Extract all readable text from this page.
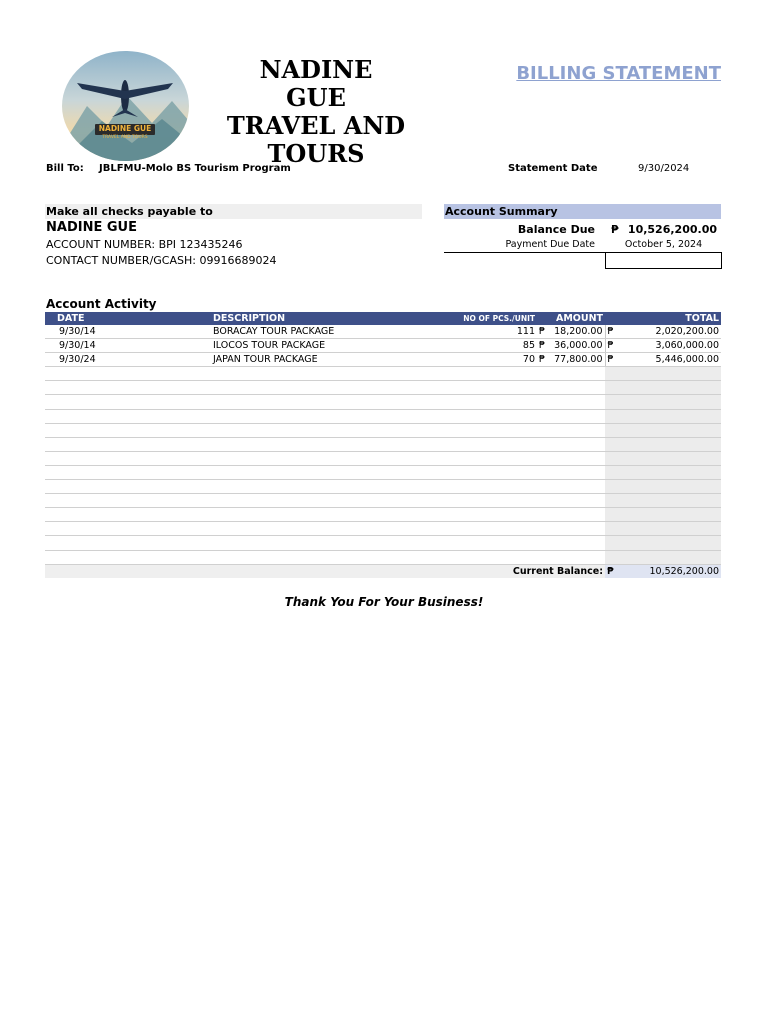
NADINE GUE
TRAVEL AND TOURS
NADINE GUE
TRAVEL AND
TOURS
BILLING STATEMENT
Bill To: JBLFMU-Molo BS Tourism Program	Statement Date	9/30/2024
Make all checks payable to
NADINE GUE
ACCOUNT NUMBER: BPI 123435246
CONTACT NUMBER/GCASH: 09916689024
Account Summary
Balance Due ₱ 10,526,200.00
Payment Due Date	October 5, 2024
Account Activity
DATE	DESCRIPTION	NO OF PCS./UNIT	AMOUNT		TOTAL	
9/30/14	BORACAY TOUR PACKAGE	111	₱	18,200.00	₱	2,020,200.00
9/30/14	ILOCOS TOUR PACKAGE	85	₱	36,000.00	₱	3,060,000.00
9/30/24	JAPAN TOUR PACKAGE	70	₱	77,800.00	₱	5,446,000.00

Current Balance:					₱	10,526,200.00
Thank You For Your Business!
